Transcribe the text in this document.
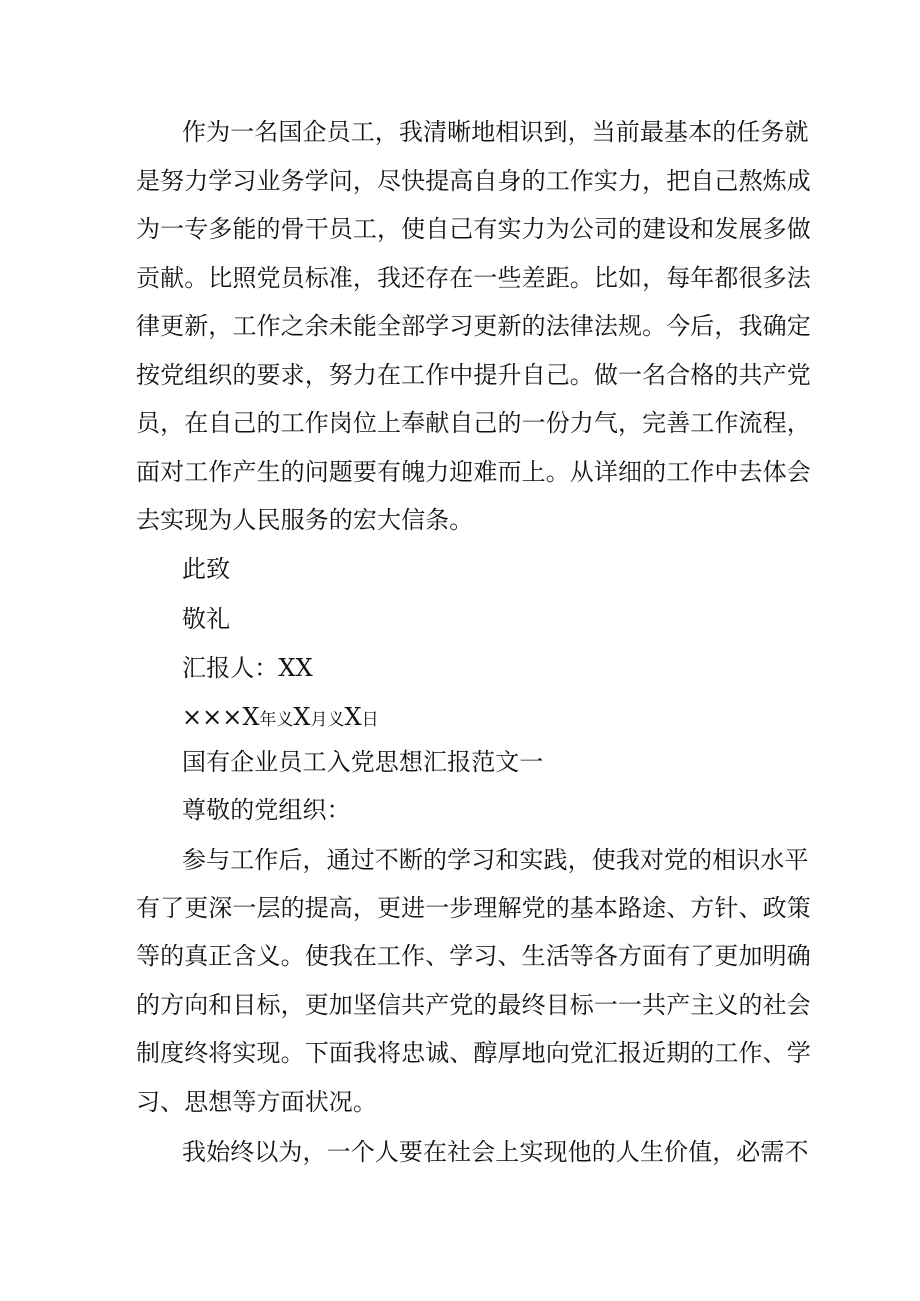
作为一名国企员工，我清晰地相识到，当前最基本的任务就
是努力学习业务学问，尽快提高自身的工作实力，把自己熬炼成
为一专多能的骨干员工，使自己有实力为公司的建设和发展多做
贡献。比照党员标准，我还存在一些差距。比如，每年都很多法
律更新，工作之余未能全部学习更新的法律法规。今后，我确定
按党组织的要求，努力在工作中提升自己。做一名合格的共产党
员，在自己的工作岗位上奉献自己的一份力气，完善工作流程，
面对工作产生的问题要有魄力迎难而上。从详细的工作中去体会
去实现为人民服务的宏大信条。
此致
敬礼
汇报人：XX
×××X年义X月义X日
国有企业员工入党思想汇报范文一
尊敬的党组织：
参与工作后，通过不断的学习和实践，使我对党的相识水平
有了更深一层的提高，更进一步理解党的基本路途、方针、政策
等的真正含义。使我在工作、学习、生活等各方面有了更加明确
的方向和目标，更加坚信共产党的最终目标一一共产主义的社会
制度终将实现。下面我将忠诚、醇厚地向党汇报近期的工作、学
习、思想等方面状况。
我始终以为，一个人要在社会上实现他的人生价值，必需不
